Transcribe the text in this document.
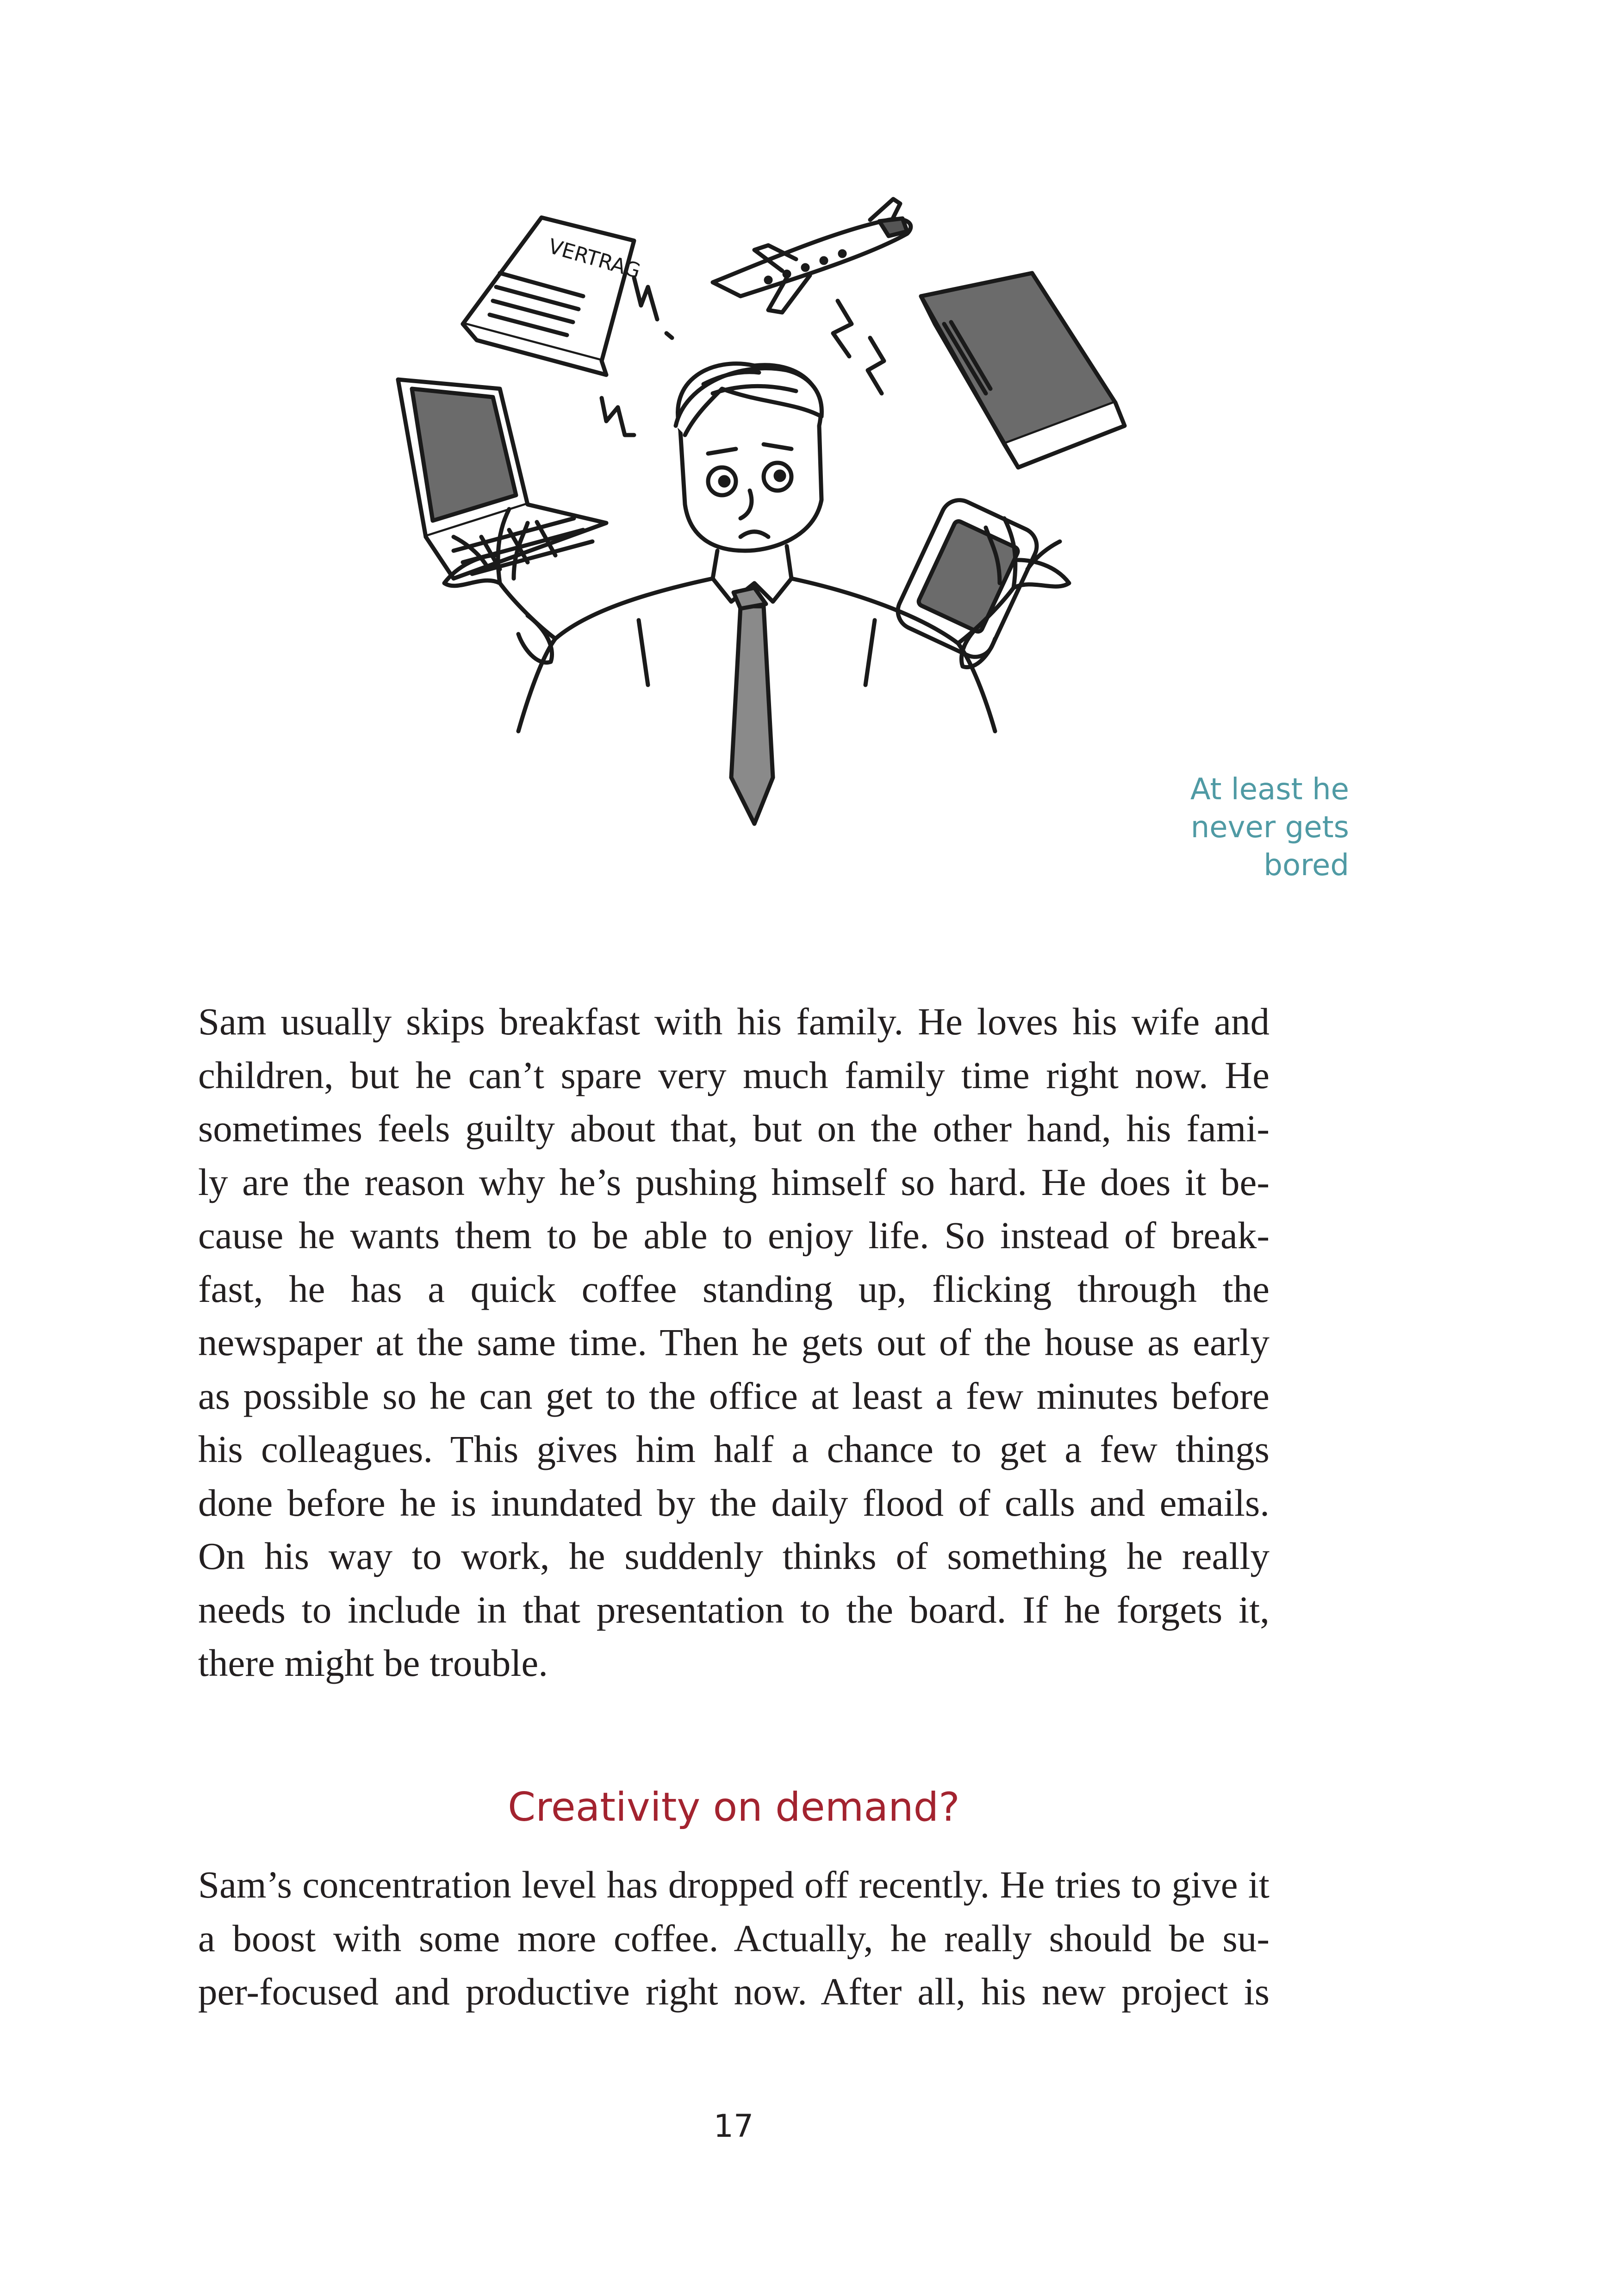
VERTRAG
At least he
never gets
bored
Sam usually skips breakfast with his family. He loves his wife and
children, but he can’t spare very much family time right now. He
sometimes feels guilty about that, but on the other hand, his fami-
ly are the reason why he’s pushing himself so hard. He does it be-
cause he wants them to be able to enjoy life. So instead of break-
fast, he has a quick coffee standing up, flicking through the
newspaper at the same time. Then he gets out of the house as early
as possible so he can get to the office at least a few minutes before
his colleagues. This gives him half a chance to get a few things
done before he is inundated by the daily flood of calls and emails.
On his way to work, he suddenly thinks of something he really
needs to include in that presentation to the board. If he forgets it,
there might be trouble.
Creativity on demand?
Sam’s concentration level has dropped off recently. He tries to give it
a boost with some more coffee. Actually, he really should be su-
per-focused and productive right now. After all, his new project is
17
